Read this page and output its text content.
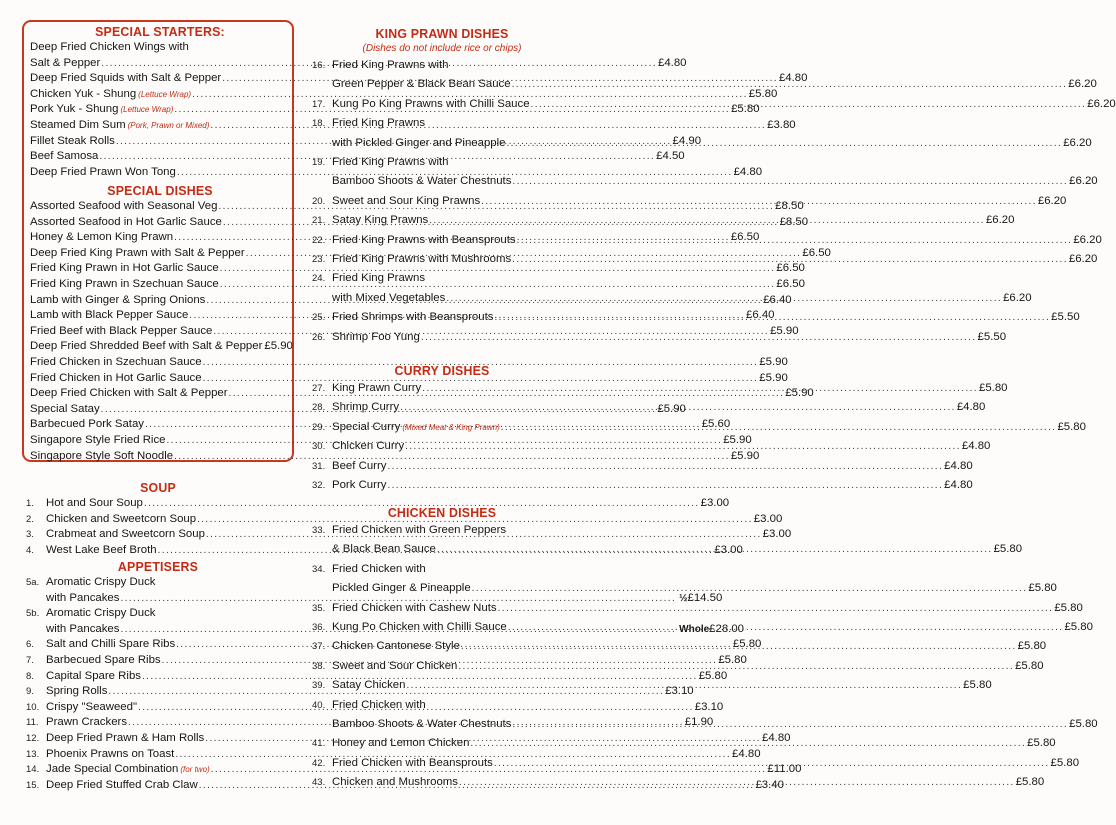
SPECIAL STARTERS:
Deep Fried Chicken Wings with
Salt & Pepper .....	£4.80
Deep Fried Squids with Salt & Pepper .....	£4.80
Chicken Yuk - Shung (Lettuce Wrap) .....	£5.80
Pork Yuk - Shung (Lettuce Wrap) .....	£5.80
Steamed Dim Sum (Pork, Prawn or Mixed) .....	£3.80
Fillet Steak Rolls .....	£4.90
Beef Samosa .....	£4.50
Deep Fried Prawn Won Tong .....	£4.80
SPECIAL DISHES
Assorted Seafood with Seasonal Veg .....	£8.50
Assorted Seafood in Hot Garlic Sauce .....	£8.50
Honey & Lemon King Prawn .....	£6.50
Deep Fried King Prawn with Salt & Pepper .....	£6.50
Fried King Prawn in Hot Garlic Sauce .....	£6.50
Fried King Prawn in Szechuan Sauce .....	£6.50
Lamb with Ginger & Spring Onions .....	£6.40
Lamb with Black Pepper Sauce .....	£6.40
Fried Beef with Black Pepper Sauce .....	£5.90
Deep Fried Shredded Beef with Salt & Pepper £5.90
Fried Chicken in Szechuan Sauce .....	£5.90
Fried Chicken in Hot Garlic Sauce .....	£5.90
Deep Fried Chicken with Salt & Pepper .....	£5.90
Special Satay .....	£5.90
Barbecued Pork Satay .....	£5.60
Singapore Style Fried Rice .....	£5.90
Singapore Style Soft Noodle .....	£5.90
SOUP
1.	Hot and Sour Soup .....	£3.00
2.	Chicken and Sweetcorn Soup .....	£3.00
3.	Crabmeat and Sweetcorn Soup .....	£3.00
4.	West Lake Beef Broth .....	£3.00
APPETISERS
5a. Aromatic Crispy Duck
with Pancakes .....	½ £14.50
5b. Aromatic Crispy Duck
with Pancakes .....	Whole £28.00
6.	Salt and Chilli Spare Ribs .....	£5.80
7.	Barbecued Spare Ribs .....	£5.80
8.	Capital Spare Ribs .....	£5.80
9.	Spring Rolls .....	£3.10
10. Crispy "Seaweed" .....	£3.10
11. Prawn Crackers .....	£1.90
12. Deep Fried Prawn & Ham Rolls .....	£4.80
13. Phoenix Prawns on Toast .....	£4.80
14. Jade Special Combination (for two) .....	£11.00
15. Deep Fried Stuffed Crab Claw .....	£3.40
KING PRAWN DISHES
(Dishes do not include rice or chips)
16. Fried King Prawns with
Green Pepper & Black Bean Sauce .....	£6.20
17. Kung Po King Prawns with Chilli Sauce .....	£6.20
18. Fried King Prawns
with Pickled Ginger and Pineapple .....	£6.20
19. Fried King Prawns with
Bamboo Shoots & Water Chestnuts .....	£6.20
20. Sweet and Sour King Prawns .....	£6.20
21. Satay King Prawns .....	£6.20
22. Fried King Prawns with Beansprouts .....	£6.20
23. Fried King Prawns with Mushrooms .....	£6.20
24. Fried King Prawns
with Mixed Vegetables .....	£6.20
25. Fried Shrimps with Beansprouts .....	£5.50
26. Shrimp Foo Yung .....	£5.50
CURRY DISHES
27. King Prawn Curry .....	£5.80
28. Shrimp Curry .....	£4.80
29. Special Curry (Mixed Meat & King Prawn) .....	£5.80
30. Chicken Curry .....	£4.80
31. Beef Curry .....	£4.80
32. Pork Curry .....	£4.80
CHICKEN DISHES
33. Fried Chicken with Green Peppers
& Black Bean Sauce .....	£5.80
34. Fried Chicken with
Pickled Ginger & Pineapple .....	£5.80
35. Fried Chicken with Cashew Nuts .....	£5.80
36. Kung Po Chicken with Chilli Sauce .....	£5.80
37. Chicken Cantonese Style .....	£5.80
38. Sweet and Sour Chicken .....	£5.80
39. Satay Chicken .....	£5.80
40. Fried Chicken with
Bamboo Shoots & Water Chestnuts .....	£5.80
41. Honey and Lemon Chicken .....	£5.80
42. Fried Chicken with Beansprouts .....	£5.80
43. Chicken and Mushrooms .....	£5.80
